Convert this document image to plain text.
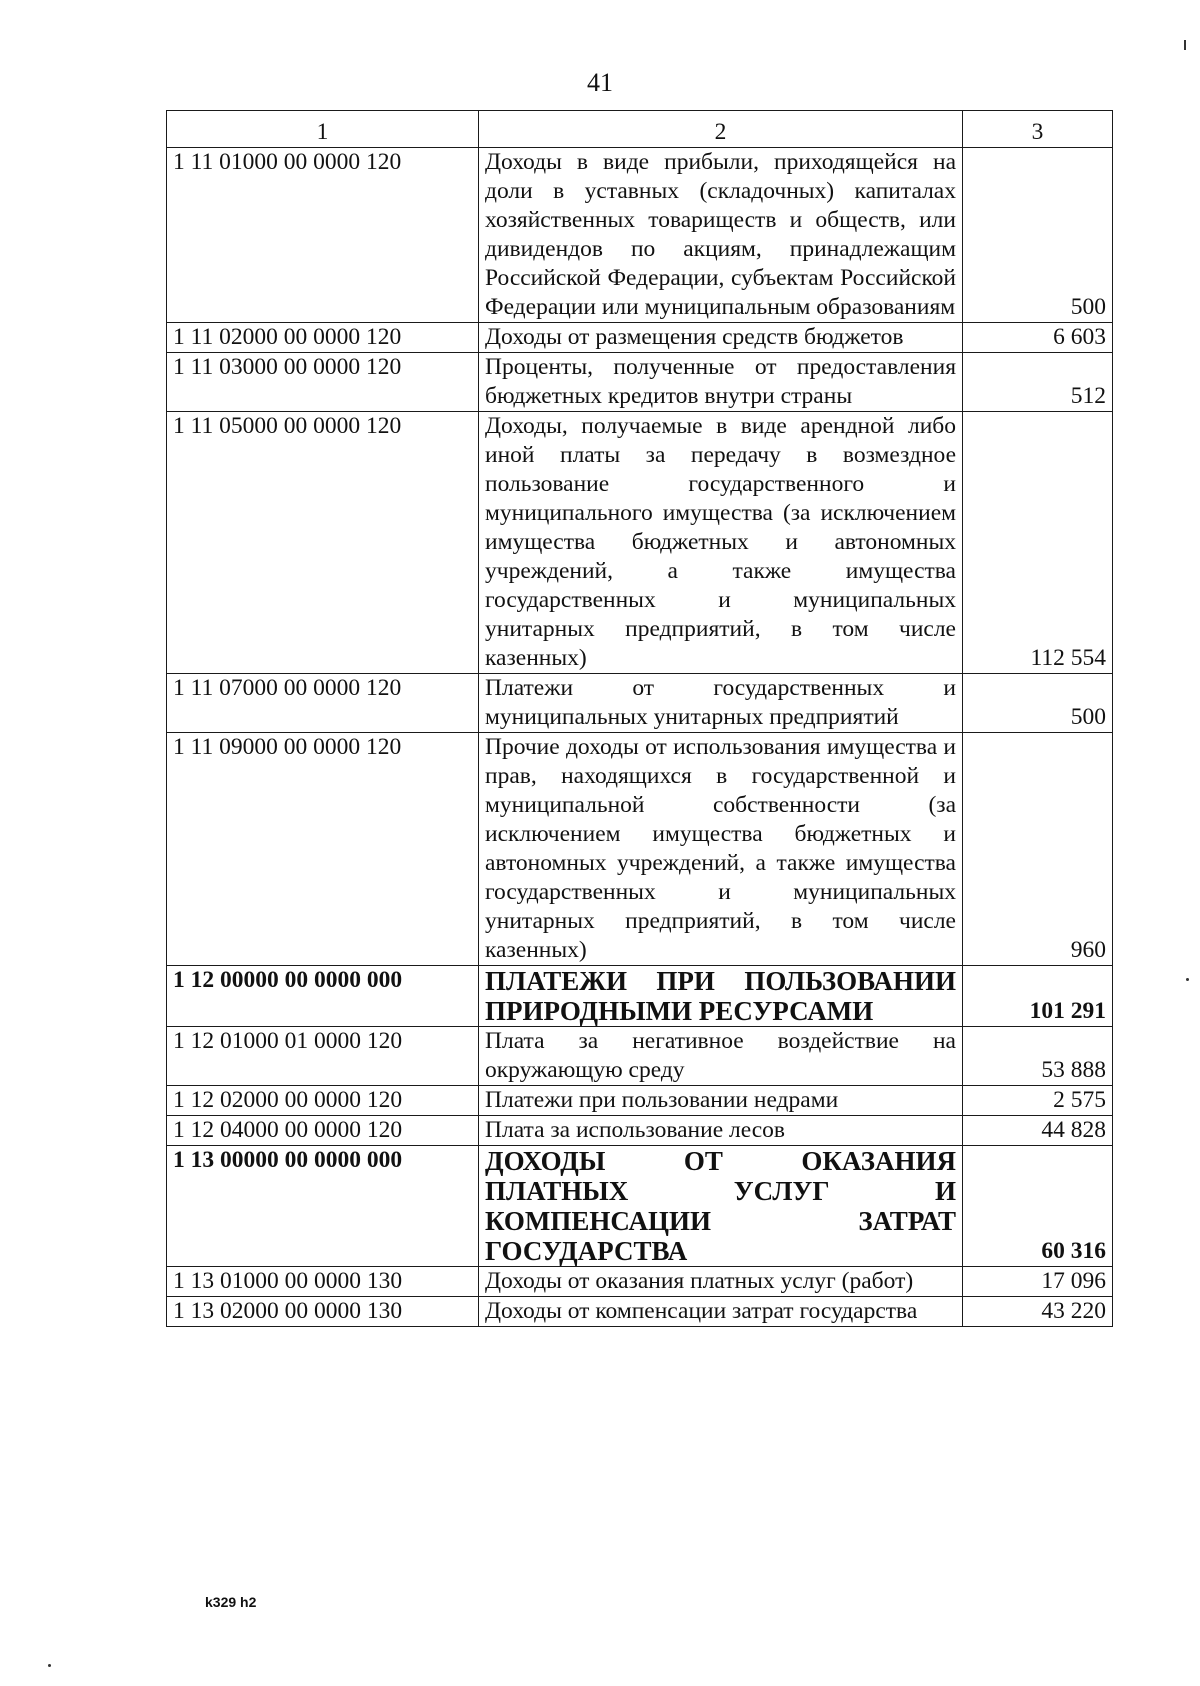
41
1	2	3
1 11 01000 00 0000 120	Доходы в виде прибыли, приходящейся на доли в уставных (складочных) капиталах хозяйственных товариществ и обществ, или дивидендов по акциям, принадлежащим Российской Федерации, субъектам Российской Федерации или муниципальным образованиям	500
1 11 02000 00 0000 120	Доходы от размещения средств бюджетов	6 603
1 11 03000 00 0000 120	Проценты, полученные от предоставления бюджетных кредитов внутри страны	512
1 11 05000 00 0000 120	Доходы, получаемые в виде арендной либо иной платы за передачу в возмездное пользование государственного и муниципального имущества (за исключением имущества бюджетных и автономных учреждений, а также имущества государственных и муниципальных унитарных предприятий, в том числе казенных)	112 554
1 11 07000 00 0000 120	Платежи от государственных и муниципальных унитарных предприятий	500
1 11 09000 00 0000 120	Прочие доходы от использования имущества и прав, находящихся в государственной и муниципальной собственности (за исключением имущества бюджетных и автономных учреждений, а также имущества государственных и муниципальных унитарных предприятий, в том числе казенных)	960
1 12 00000 00 0000 000	ПЛАТЕЖИ ПРИ ПОЛЬЗОВАНИИ ПРИРОДНЫМИ РЕСУРСАМИ	101 291
1 12 01000 01 0000 120	Плата за негативное воздействие на окружающую среду	53 888
1 12 02000 00 0000 120	Платежи при пользовании недрами	2 575
1 12 04000 00 0000 120	Плата за использование лесов	44 828
1 13 00000 00 0000 000	ДОХОДЫ ОТ ОКАЗАНИЯ ПЛАТНЫХ УСЛУГ И КОМПЕНСАЦИИ ЗАТРАТ ГОСУДАРСТВА	60 316
1 13 01000 00 0000 130	Доходы от оказания платных услуг (работ)	17 096
1 13 02000 00 0000 130	Доходы от компенсации затрат государства	43 220
k329 h2
